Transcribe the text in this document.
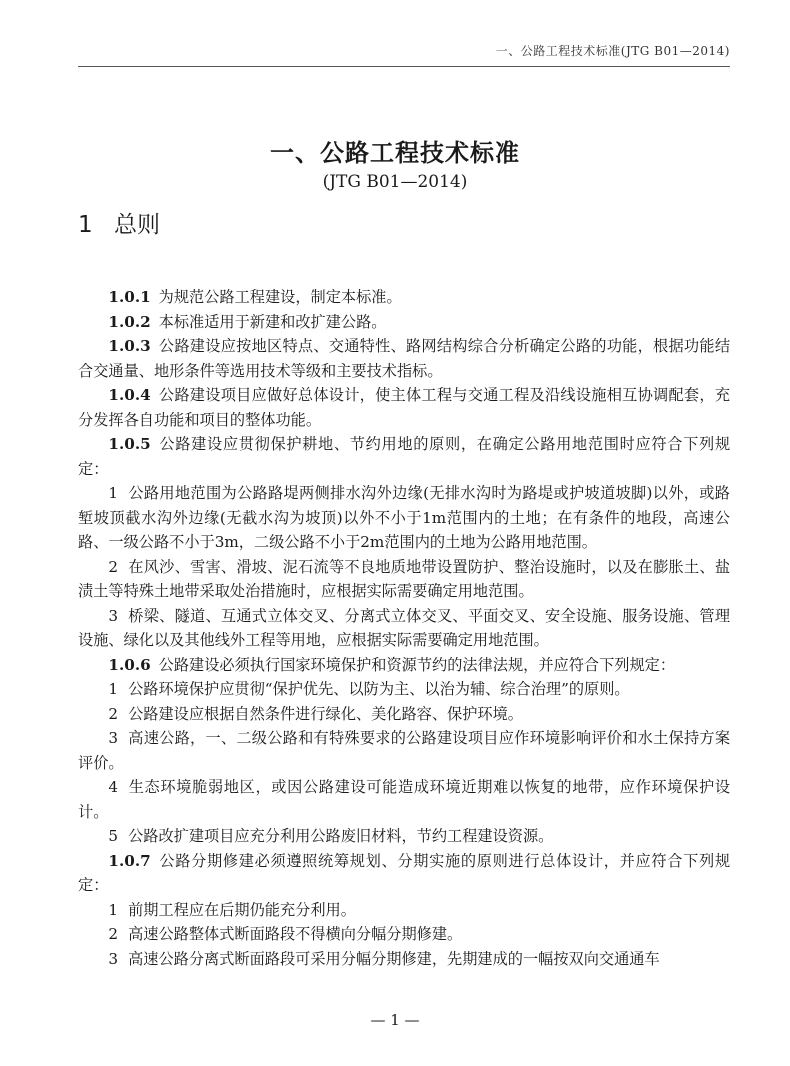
一、公路工程技术标准(JTG B01—2014)
一、公路工程技术标准
(JTG B01—2014)
1 总则

1.0.1 为规范公路工程建设，制定本标准。

1.0.2 本标准适用于新建和改扩建公路。

1.0.3 公路建设应按地区特点、交通特性、路网结构综合分析确定公路的功能，根据功能结合交通量、地形条件等选用技术等级和主要技术指标。

1.0.4 公路建设项目应做好总体设计，使主体工程与交通工程及沿线设施相互协调配套，充分发挥各自功能和项目的整体功能。

1.0.5 公路建设应贯彻保护耕地、节约用地的原则，在确定公路用地范围时应符合下列规定：

1 公路用地范围为公路路堤两侧排水沟外边缘(无排水沟时为路堤或护坡道坡脚)以外，或路堑坡顶截水沟外边缘(无截水沟为坡顶)以外不小于1m范围内的土地；在有条件的地段，高速公路、一级公路不小于3m，二级公路不小于2m范围内的土地为公路用地范围。

2 在风沙、雪害、滑坡、泥石流等不良地质地带设置防护、整治设施时，以及在膨胀土、盐渍土等特殊土地带采取处治措施时，应根据实际需要确定用地范围。

3 桥梁、隧道、互通式立体交叉、分离式立体交叉、平面交叉、安全设施、服务设施、管理设施、绿化以及其他线外工程等用地，应根据实际需要确定用地范围。

1.0.6 公路建设必须执行国家环境保护和资源节约的法律法规，并应符合下列规定：

1 公路环境保护应贯彻“保护优先、以防为主、以治为辅、综合治理”的原则。

2 公路建设应根据自然条件进行绿化、美化路容、保护环境。

3 高速公路，一、二级公路和有特殊要求的公路建设项目应作环境影响评价和水土保持方案评价。

4 生态环境脆弱地区，或因公路建设可能造成环境近期难以恢复的地带，应作环境保护设计。

5 公路改扩建项目应充分利用公路废旧材料，节约工程建设资源。

1.0.7 公路分期修建必须遵照统筹规划、分期实施的原则进行总体设计，并应符合下列规定：

1 前期工程应在后期仍能充分利用。

2 高速公路整体式断面路段不得横向分幅分期修建。

3 高速公路分离式断面路段可采用分幅分期修建，先期建成的一幅按双向交通通车

— 1 —
